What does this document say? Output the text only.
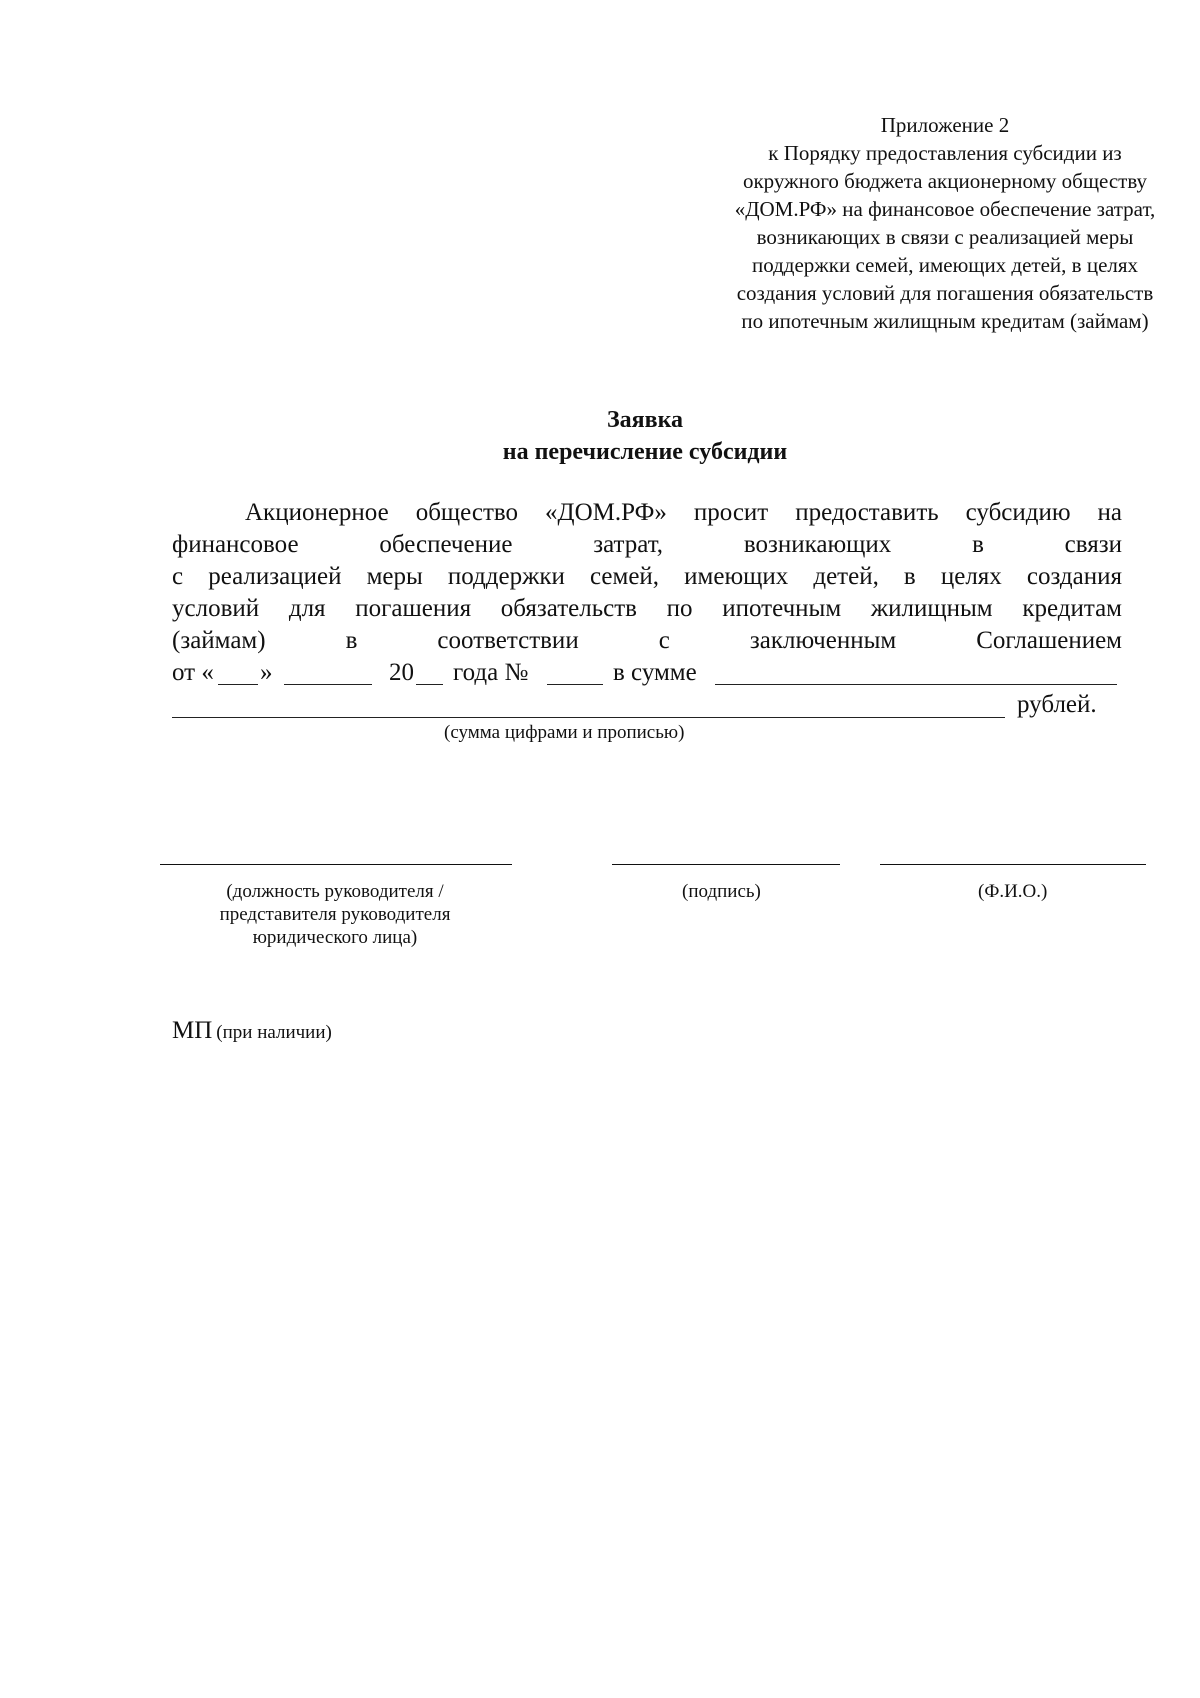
Приложение 2
к Порядку предоставления субсидии из
окружного бюджета акционерному обществу
«ДОМ.РФ» на финансовое обеспечение затрат,
возникающих в связи с реализацией меры
поддержки семей, имеющих детей, в целях
создания условий для погашения обязательств
по ипотечным жилищным кредитам (займам)
Заявка
на перечисление субсидии
Акционерное общество «ДОМ.РФ» просит предоставить субсидию на
финансовое обеспечение затрат, возникающих в связи
с реализацией меры поддержки семей, имеющих детей, в целях создания
условий для погашения обязательств по ипотечным жилищным кредитам
(займам) в соответствии с заключенным Соглашением
от « »	20 года №	в сумме
рублей.
(сумма цифрами и прописью)
(должность руководителя /
представителя руководителя
юридического лица)
(подпись)	(Ф.И.О.)
МП (при наличии)
